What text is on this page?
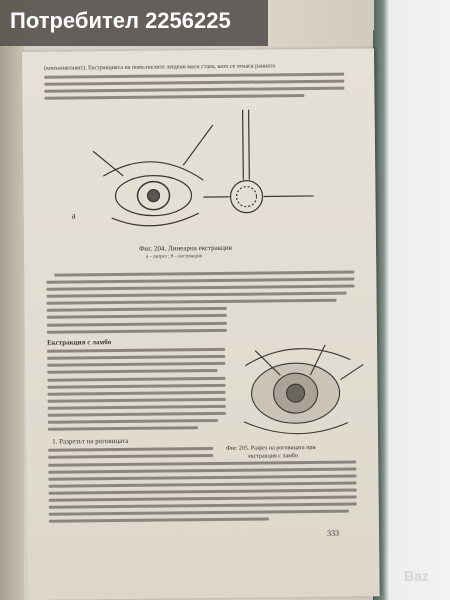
(конъюнктивит). Екстракцията на помътнелите лещени маси става, като се отнася ранната
a
Фиг. 204. Линеарна екстракция
a – разрез ; б – екстракция
Екстракция с ламбо
Фиг. 205. Разрез на роговицата при
екстракция с ламбо
1. Разрезът на роговицата
333
Потребител 2256225
Baz
